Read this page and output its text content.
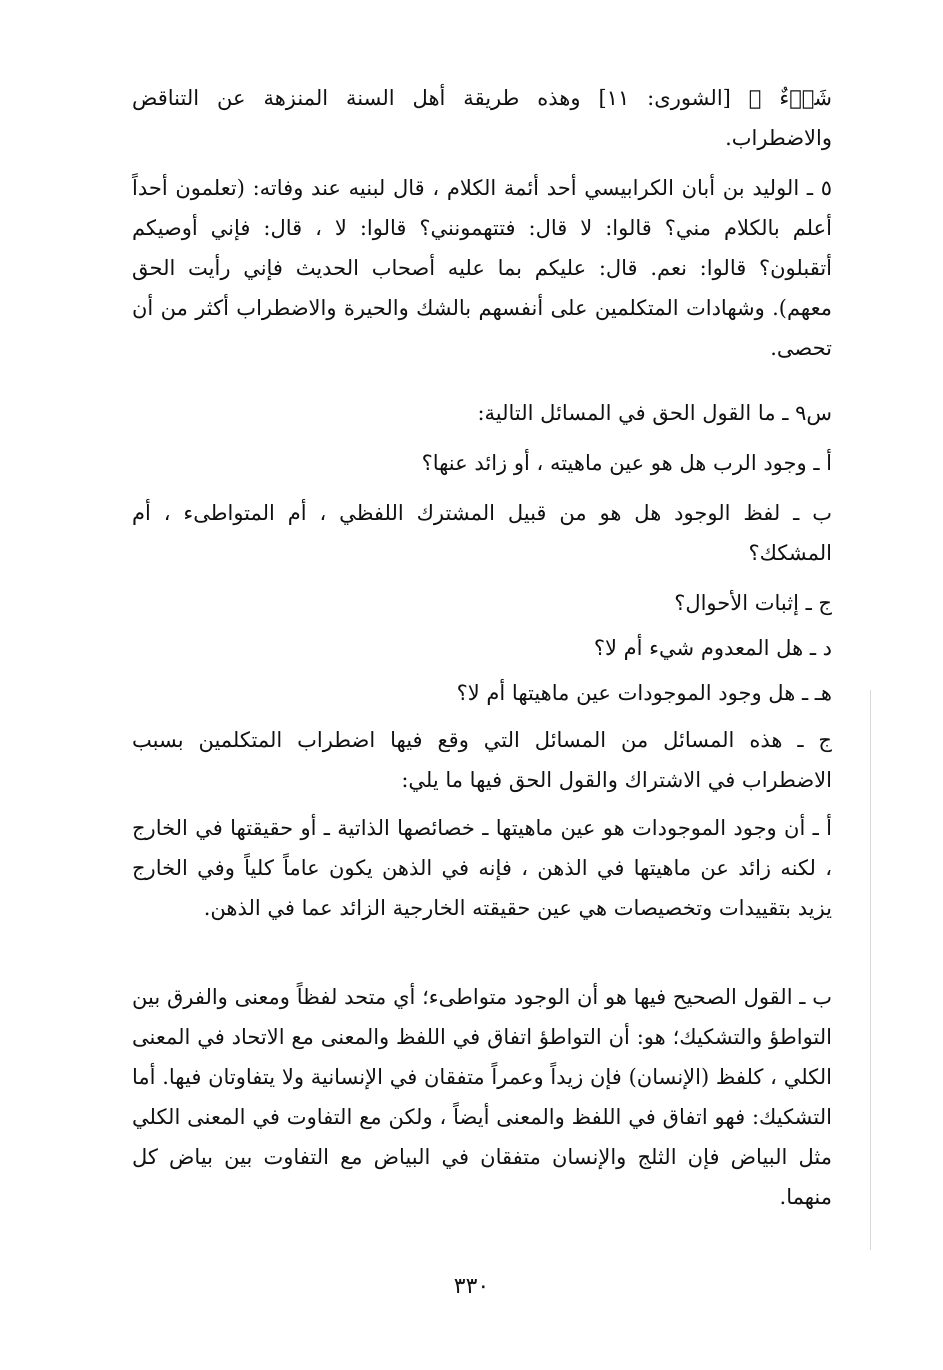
شَىۡءٌ ﴾ [الشورى: ١١] وهذه طريقة أهل السنة المنزهة عن التناقض والاضطراب.

٥ ـ الوليد بن أبان الكرابيسي أحد أئمة الكلام ، قال لبنيه عند وفاته: (تعلمون أحداً أعلم بالكلام مني؟ قالوا: لا قال: فتتهمونني؟ قالوا: لا ، قال: فإني أوصيكم أتقبلون؟ قالوا: نعم. قال: عليكم بما عليه أصحاب الحديث فإني رأيت الحق معهم). وشهادات المتكلمين على أنفسهم بالشك والحيرة والاضطراب أكثر من أن تحصى.

س٩ ـ ما القول الحق في المسائل التالية:

أ ـ وجود الرب هل هو عين ماهيته ، أو زائد عنها؟

ب ـ لفظ الوجود هل هو من قبيل المشترك اللفظي ، أم المتواطىء ، أم المشكك؟

ج ـ إثبات الأحوال؟

د ـ هل المعدوم شيء أم لا؟

هـ ـ هل وجود الموجودات عين ماهيتها أم لا؟

ج ـ هذه المسائل من المسائل التي وقع فيها اضطراب المتكلمين بسبب الاضطراب في الاشتراك والقول الحق فيها ما يلي:

أ ـ أن وجود الموجودات هو عين ماهيتها ـ خصائصها الذاتية ـ أو حقيقتها في الخارج ، لكنه زائد عن ماهيتها في الذهن ، فإنه في الذهن يكون عاماً كلياً وفي الخارج يزيد بتقييدات وتخصيصات هي عين حقيقته الخارجية الزائد عما في الذهن.

ب ـ القول الصحيح فيها هو أن الوجود متواطىء؛ أي متحد لفظاً ومعنى والفرق بين التواطؤ والتشكيك؛ هو: أن التواطؤ اتفاق في اللفظ والمعنى مع الاتحاد في المعنى الكلي ، كلفظ (الإنسان) فإن زيداً وعمراً متفقان في الإنسانية ولا يتفاوتان فيها. أما التشكيك: فهو اتفاق في اللفظ والمعنى أيضاً ، ولكن مع التفاوت في المعنى الكلي مثل البياض فإن الثلج والإنسان متفقان في البياض مع التفاوت بين بياض كل منهما.

٣٣٠
